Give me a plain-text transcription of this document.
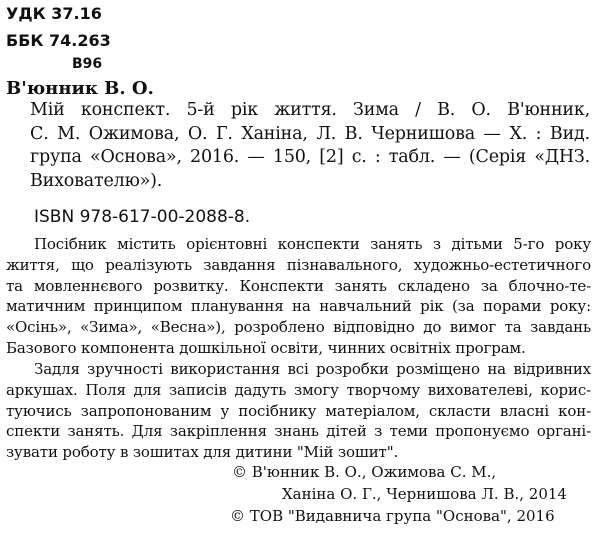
УДК 37.16
ББК 74.263
В96
В'юнник В. О.
Мій конспект. 5-й рік життя. Зима / В. О. В'юнник,
С. М. Ожимова, О. Г. Ханіна, Л. В. Чернишова — Х. : Вид.
група «Основа», 2016. — 150, [2] с. : табл. — (Серія «ДНЗ.
Вихователю»).
ISBN 978-617-00-2088-8.
Посібник містить орієнтовні конспекти занять з дітьми 5-го року
життя, що реалізують завдання пізнавального, художньо-естетичного
та мовленнєвого розвитку. Конспекти занять складено за блочно-те-
матичним принципом планування на навчальний рік (за порами року:
«Осінь», «Зима», «Весна»), розроблено відповідно до вимог та завдань
Базового компонента дошкільної освіти, чинних освітніх програм.
Задля зручності використання всі розробки розміщено на відривних
аркушах. Поля для записів дадуть змогу творчому вихователеві, корис-
туючись запропонованим у посібнику матеріалом, скласти власні кон-
спекти занять. Для закріплення знань дітей з теми пропонуємо органі-
зувати роботу в зошитах для дитини "Мій зошит".
© В'юнник В. О., Ожимова С. М.,
Ханіна О. Г., Чернишова Л. В., 2014
© ТОВ "Видавнича група "Основа", 2016
